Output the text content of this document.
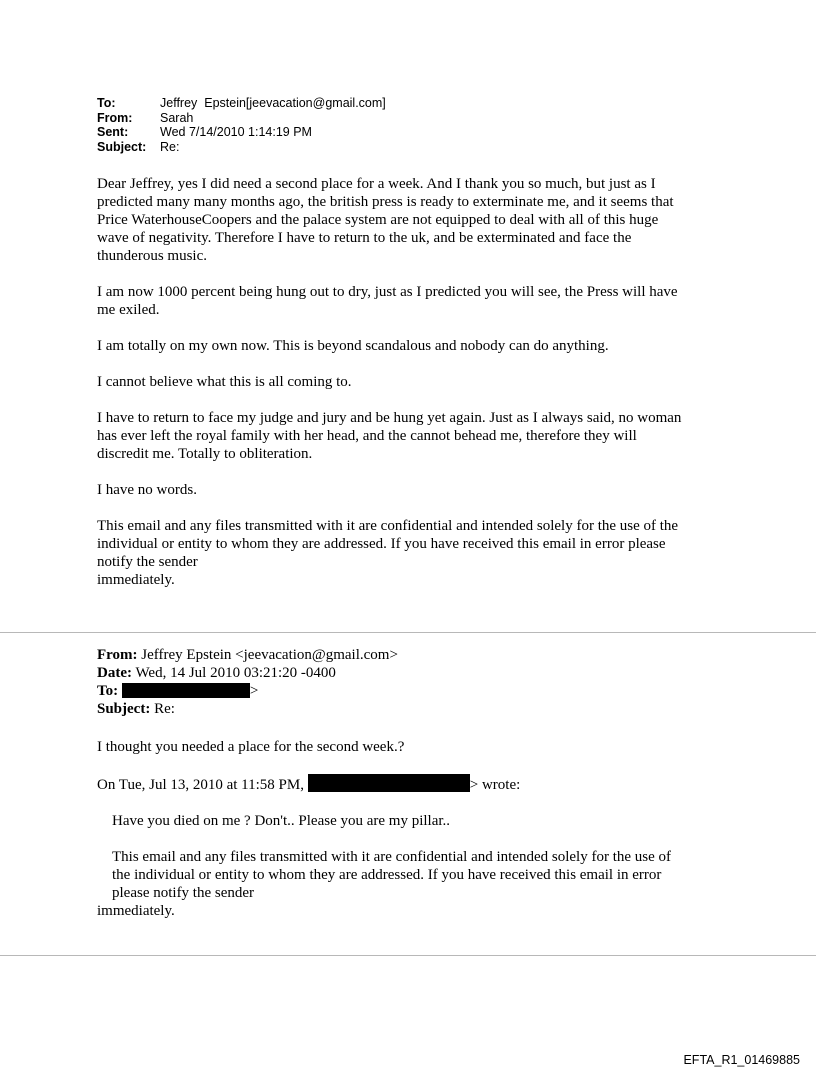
To:	Jeffrey  Epstein[jeevacation@gmail.com]
From:	Sarah
Sent:	Wed 7/14/2010 1:14:19 PM
Subject:	Re:

Dear Jeffrey, yes I did need a second place for a week. And I thank you so much, but just as I
predicted many many months ago, the british press is ready to exterminate me, and it seems that
Price WaterhouseCoopers and the palace system are not equipped to deal with all of this huge
wave of negativity. Therefore I have to return to the uk, and be exterminated and face the
thunderous music.

I am now 1000 percent being hung out to dry, just as I predicted you will see, the Press will have
me exiled.

I am totally on my own now. This is beyond scandalous and nobody can do anything.

I cannot believe what this is all coming to.

I have to return to face my judge and jury and be hung yet again. Just as I always said, no woman
has ever left the royal family with her head, and the cannot behead me, therefore they will
discredit me. Totally to obliteration.

I have no words.

This email and any files transmitted with it are confidential and intended solely for the use of the
individual or entity to whom they are addressed. If you have received this email in error please
notify the sender
immediately.

From: Jeffrey Epstein <jeevacation@gmail.com>
Date: Wed, 14 Jul 2010 03:21:20 -0400
To:	>
Subject: Re:

I thought you needed a place for the second week.?

On Tue, Jul 13, 2010 at 11:58 PM,	> wrote:

Have you died on me ? Don't.. Please you are my pillar..

This email and any files transmitted with it are confidential and intended solely for the use of
the individual or entity to whom they are addressed. If you have received this email in error
please notify the sender

immediately.

EFTA_R1_01469885
